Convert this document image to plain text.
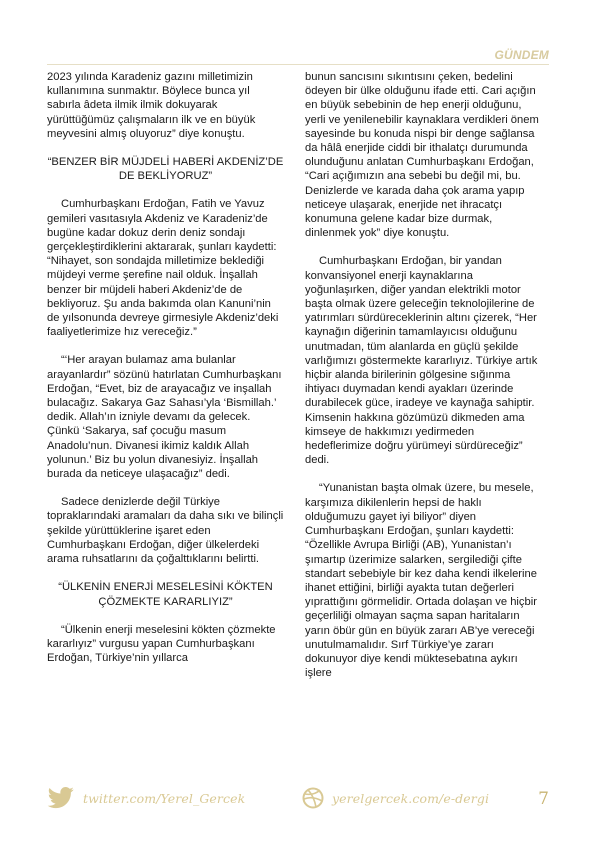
GÜNDEM

2023 yılında Karadeniz gazını milletimizin kullanımına sunmaktır. Böylece bunca yıl sabırla âdeta ilmik ilmik dokuyarak yürüttüğümüz çalışmaların ilk ve en büyük meyvesini almış oluyoruz” diye konuştu.

“BENZER BİR MÜJDELİ HABERİ AKDENİZ’DE DE BEKLİYORUZ”

Cumhurbaşkanı Erdoğan, Fatih ve Yavuz gemileri vasıtasıyla Akdeniz ve Karadeniz’de bugüne kadar dokuz derin deniz sondajı gerçekleştirdiklerini aktararak, şunları kaydetti: “Nihayet, son sondajda milletimize beklediği müjdeyi verme şerefine nail olduk. İnşallah benzer bir müjdeli haberi Akdeniz’de de bekliyoruz. Şu anda bakımda olan Kanuni’nin de yılsonunda devreye girmesiyle Akdeniz’deki faaliyetlerimize hız vereceğiz.”

“‘Her arayan bulamaz ama bulanlar arayanlardır” sözünü hatırlatan Cumhurbaşkanı Erdoğan, “Evet, biz de arayacağız ve inşallah bulacağız. Sakarya Gaz Sahası’yla ‘Bismillah.’ dedik. Allah’ın izniyle devamı da gelecek. Çünkü ‘Sakarya, saf çocuğu masum Anadolu’nun. Divanesi ikimiz kaldık Allah yolunun.’ Biz bu yolun divanesiyiz. İnşallah burada da neticeye ulaşacağız” dedi.

Sadece denizlerde değil Türkiye topraklarındaki aramaları da daha sıkı ve bilinçli şekilde yürüttüklerine işaret eden Cumhurbaşkanı Erdoğan, diğer ülkelerdeki arama ruhsatlarını da çoğalttıklarını belirtti.

“ÜLKENİN ENERJİ MESELESİNİ KÖKTEN ÇÖZMEKTE KARARLIYIZ”

“Ülkenin enerji meselesini kökten çözmekte kararlıyız” vurgusu yapan Cumhurbaşkanı Erdoğan, Türkiye’nin yıllarca

bunun sancısını sıkıntısını çeken, bedelini ödeyen bir ülke olduğunu ifade etti. Cari açığın en büyük sebebinin de hep enerji olduğunu, yerli ve yenilenebilir kaynaklara verdikleri önem sayesinde bu konuda nispi bir denge sağlansa da hâlâ enerjide ciddi bir ithalatçı durumunda olunduğunu anlatan Cumhurbaşkanı Erdoğan, “Cari açığımızın ana sebebi bu değil mi, bu. Denizlerde ve karada daha çok arama yapıp neticeye ulaşarak, enerjide net ihracatçı konumuna gelene kadar bize durmak, dinlenmek yok” diye konuştu.

Cumhurbaşkanı Erdoğan, bir yandan konvansiyonel enerji kaynaklarına yoğunlaşırken, diğer yandan elektrikli motor başta olmak üzere geleceğin teknolojilerine de yatırımları sürdüreceklerinin altını çizerek, “Her kaynağın diğerinin tamamlayıcısı olduğunu unutmadan, tüm alanlarda en güçlü şekilde varlığımızı göstermekte kararlıyız. Türkiye artık hiçbir alanda birilerinin gölgesine sığınma ihtiyacı duymadan kendi ayakları üzerinde durabilecek güce, iradeye ve kaynağa sahiptir. Kimsenin hakkına gözümüzü dikmeden ama kimseye de hakkımızı yedirmeden hedeflerimize doğru yürümeyi sürdüreceğiz” dedi.

“Yunanistan başta olmak üzere, bu mesele, karşımıza dikilenlerin hepsi de haklı olduğumuzu gayet iyi biliyor” diyen Cumhurbaşkanı Erdoğan, şunları kaydetti: “Özellikle Avrupa Birliği (AB), Yunanistan’ı şımartıp üzerimize salarken, sergilediği çifte standart sebebiyle bir kez daha kendi ilkelerine ihanet ettiğini, birliği ayakta tutan değerleri yıprattığını görmelidir. Ortada dolaşan ve hiçbir geçerliliği olmayan saçma sapan haritaların yarın öbür gün en büyük zararı AB’ye vereceği unutulmamalıdır. Sırf Türkiye’ye zararı dokunuyor diye kendi müktesebatına aykırı işlere

twitter.com/Yerel_Gercek	yerelgercek.com/e-dergi	7
